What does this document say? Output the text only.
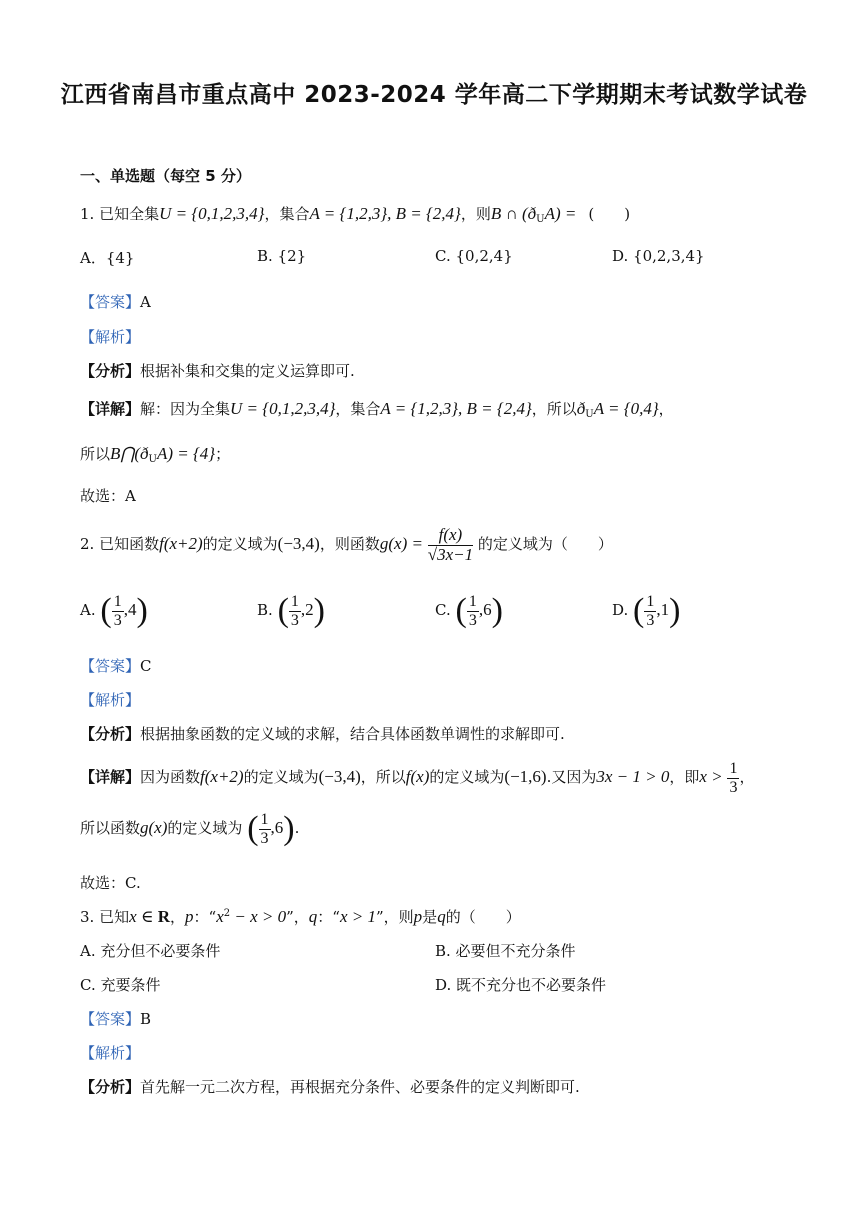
江西省南昌市重点高中 2023-2024 学年高二下学期期末考试数学试卷
一、单选题（每空 5 分）
1. 已知全集U = {0,1,2,3,4}，集合A = {1,2,3}, B = {2,4}，则B ∩ $(ð_UA)$ = (　　)
A．{4}	B. {2}	C. {0,2,4}	D. {0,2,3,4}
【答案】A
【解析】
【分析】根据补集和交集的定义运算即可.
【详解】解：因为全集U = {0,1,2,3,4}，集合A = {1,2,3}, B = {2,4}，所以$ð_UA = \{0,4\}$，
所以$B⋂(ð_UA) = \{4\}$；
故选：A
2. 已知函数f(x+2)的定义域为(−3,4)，则函数$g(x) = \frac{f(x)}{√3x-1}$ 的定义域为（　　）
A. ( $\frac{1}{3} ,4$)	B. ( $\frac{1}{3} ,2$)	C. ( $\frac{1}{3} ,6$)	D. ( $\frac{1}{3} ,1$)
【答案】C
【解析】
【分析】根据抽象函数的定义域的求解，结合具体函数单调性的求解即可.
【详解】因为函数f(x+2)的定义域为(−3,4)，所以f(x)的定义域为(−1,6).又因为3x − 1 > 0，即$x > \frac{1}{3}$ ，
所以函数g(x)的定义域为 ( $\frac{1}{3} ,6$).
故选：C.
3. 已知x ∈ R，p：“$x^2 - x > 0$”，q：“x > 1”，则p是q的（　　）
A. 充分但不必要条件	B. 必要但不充分条件
C. 充要条件	D. 既不充分也不必要条件
【答案】B
【解析】
【分析】首先解一元二次方程，再根据充分条件、必要条件的定义判断即可.
